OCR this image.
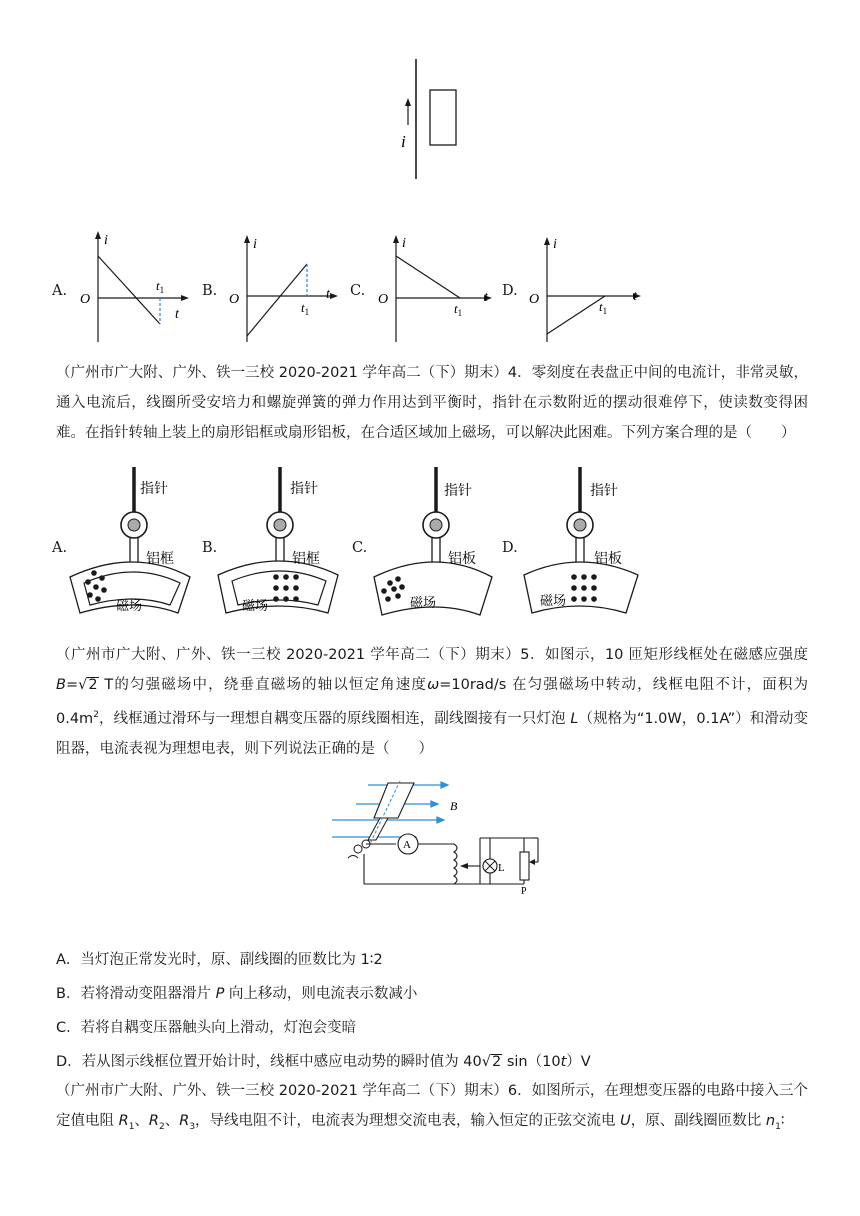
i
A.
i
t
O
$t_1$	B.
i
t
O
$t_1$
C.
i
t
O
$t_1$
D.
i
t
O	$t_1$
（广州市广大附、广外、铁一三校 2020-2021 学年高二（下）期末）4．零刻度在表盘正中间的电流计，非常灵敏，通入电流后，线圈所受安培力和螺旋弹簧的弹力作用达到平衡时，指针在示数附近的摆动很难停下，使读数变得困难。在指针转轴上装上的扇形铝框或扇形铝板，在合适区域加上磁场，可以解决此困难。下列方案合理的是（　　）
A.
指针
铝框
磁场
B.
指针
铝框
磁场
C.
指针
铝板
磁场
D.
指针
铝板
磁场
（广州市广大附、广外、铁一三校 2020-2021 学年高二（下）期末）5．如图示，10 匝矩形线框处在磁感应强度 B=√2 T的匀强磁场中，绕垂直磁场的轴以恒定角速度ω=10rad/s 在匀强磁场中转动，线框电阻不计，面积为 $0.4m^2$，线框通过滑环与一理想自耦变压器的原线圈相连，副线圈接有一只灯泡 L（规格为“1.0W，0.1A”）和滑动变阻器，电流表视为理想电表，则下列说法正确的是（　　）
A
L
P
B
A．当灯泡正常发光时，原、副线圈的匝数比为 1∶2
B．若将滑动变阻器滑片 P 向上移动，则电流表示数减小
C．若将自耦变压器触头向上滑动，灯泡会变暗
D．若从图示线框位置开始计时，线框中感应电动势的瞬时值为 40√2 sin（10t）V
（广州市广大附、广外、铁一三校 2020-2021 学年高二（下）期末）6．如图所示，在理想变压器的电路中接入三个定值电阻 $R_1$、$R_2$、$R_3$，导线电阻不计，电流表为理想交流电表，输入恒定的正弦交流电 U，原、副线圈匝数比 $n_1∶$
